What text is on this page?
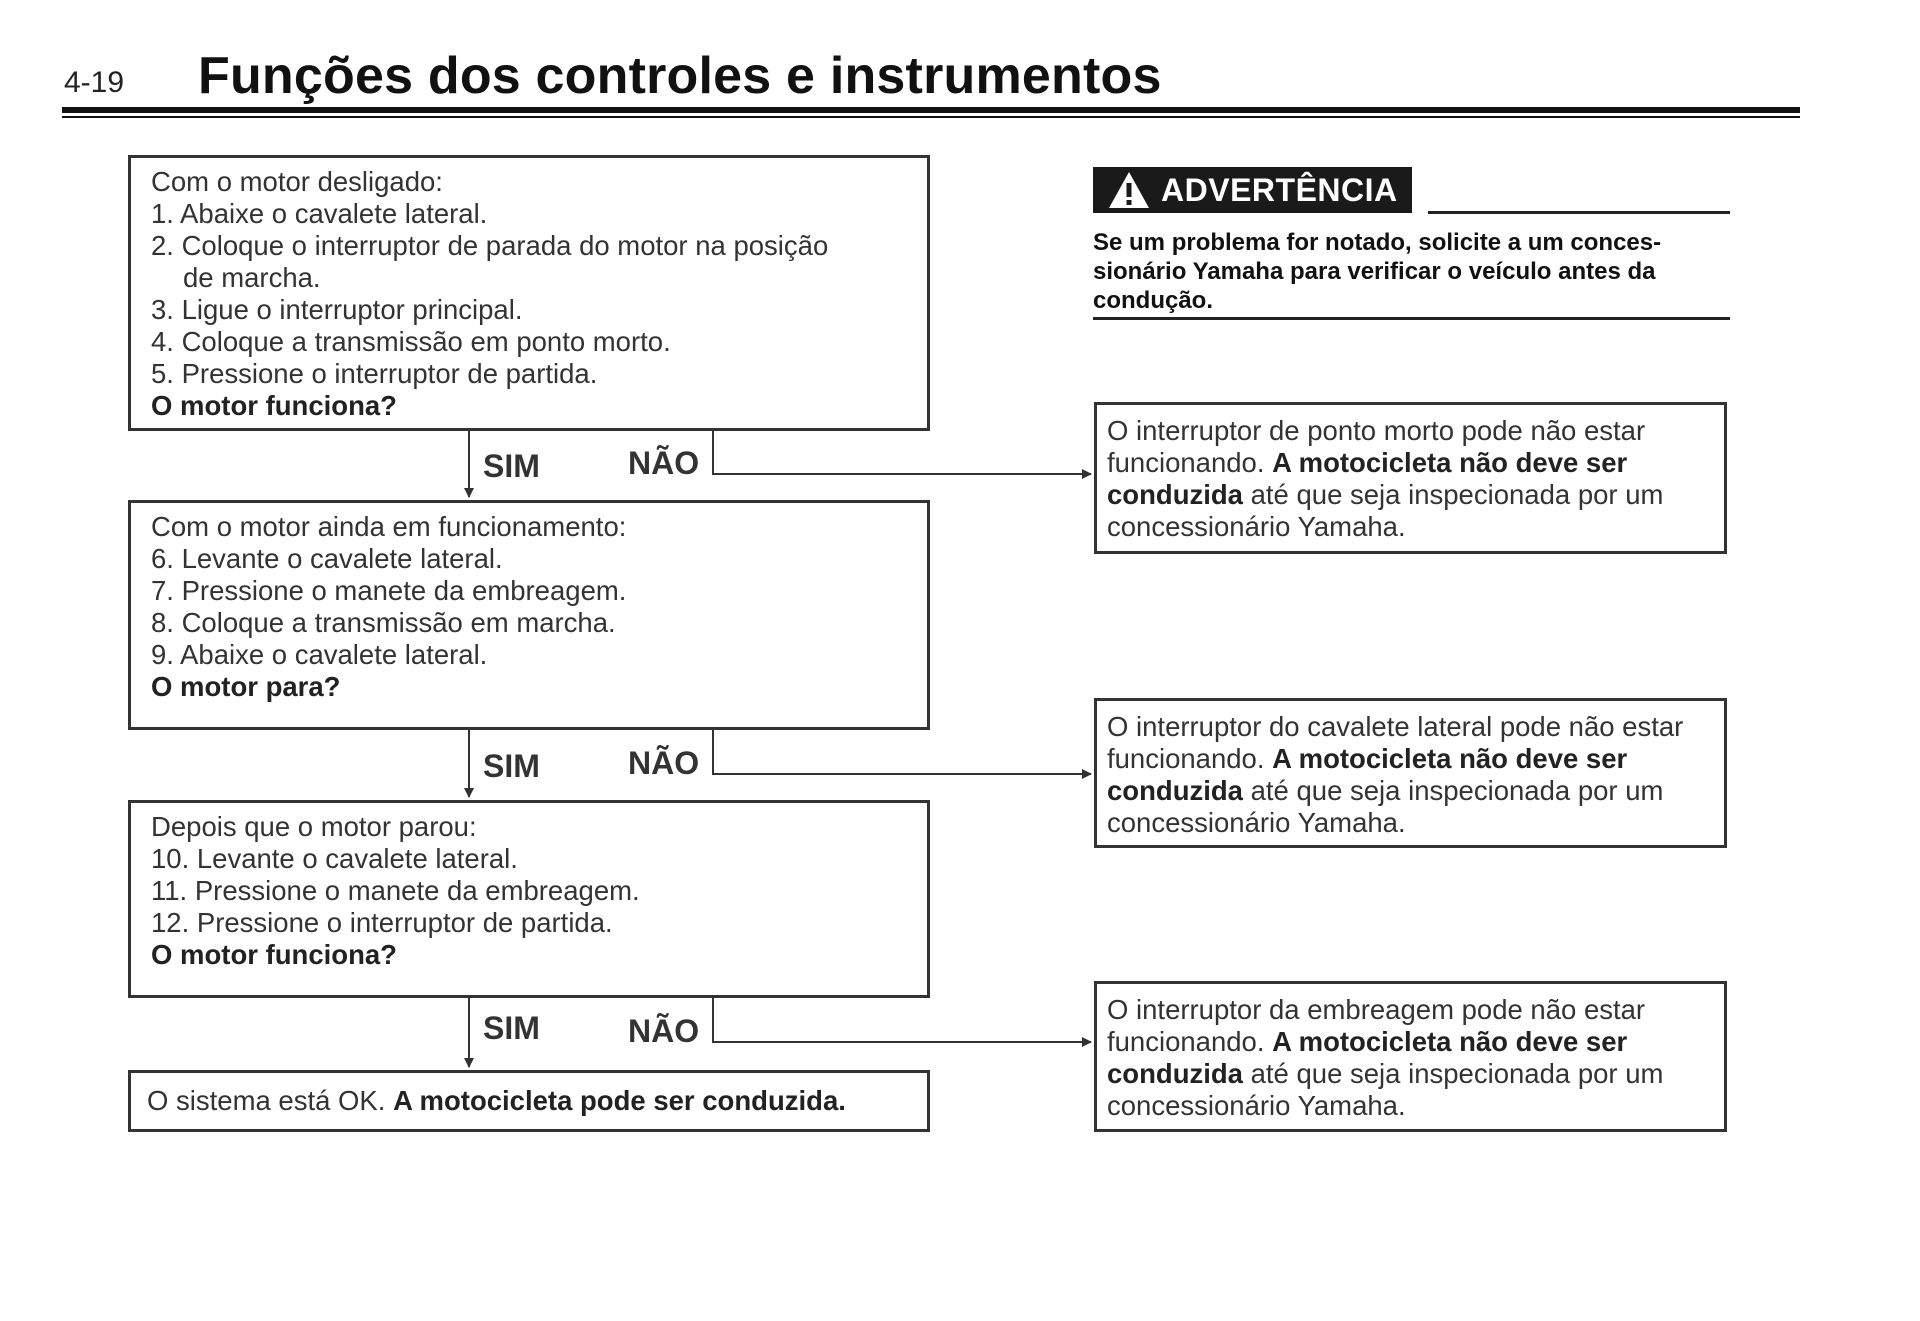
4-19 Funções dos controles e instrumentos
ADVERTÊNCIA
Se um problema for notado, solicite a um conces-
sionário Yamaha para verificar o veículo antes da
condução.
Com o motor desligado:
1. Abaixe o cavalete lateral.
2. Coloque o interruptor de parada do motor na posição
de marcha.
3. Ligue o interruptor principal.
4. Coloque a transmissão em ponto morto.
5. Pressione o interruptor de partida.
O motor funciona?
Com o motor ainda em funcionamento:
6. Levante o cavalete lateral.
7. Pressione o manete da embreagem.
8. Coloque a transmissão em marcha.
9. Abaixe o cavalete lateral.
O motor para?
Depois que o motor parou:
10. Levante o cavalete lateral.
11. Pressione o manete da embreagem.
12. Pressione o interruptor de partida.
O motor funciona?
O sistema está OK. A motocicleta pode ser conduzida.
O interruptor de ponto morto pode não estar funcionando. A motocicleta não deve ser conduzida até que seja inspecionada por um concessionário Yamaha.
O interruptor do cavalete lateral pode não estar funcionando. A motocicleta não deve ser conduzida até que seja inspecionada por um concessionário Yamaha.
O interruptor da embreagem pode não estar funcionando. A motocicleta não deve ser conduzida até que seja inspecionada por um concessionário Yamaha.
SIM	NÃO
SIM	NÃO
SIM	NÃO
